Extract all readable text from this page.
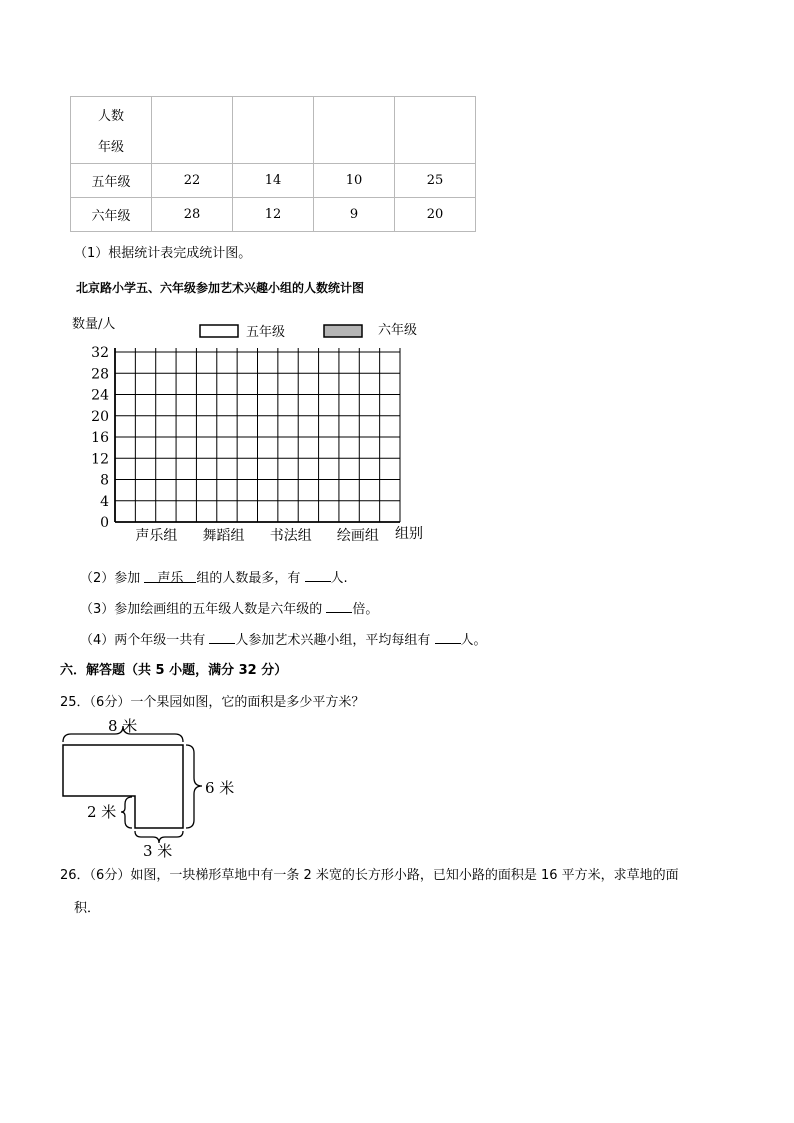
人数
年级				

五年级	22	14	10	25
六年级	28	12	9	20
（1）根据统计表完成统计图。
北京路小学五、六年级参加艺术兴趣小组的人数统计图
数量/人
五年级	六年级
0
4
8
12
16
20
24
28
32
声乐组 舞蹈组 书法组 绘画组 组别
（2）参加 声乐 组的人数最多，有 人.
（3）参加绘画组的五年级人数是六年级的 倍。
（4）两个年级一共有 人参加艺术兴趣小组，平均每组有 人。
六．解答题（共 5 小题，满分 32 分）
25．（6分）一个果园如图，它的面积是多少平方米？
8 米
6 米
2 米
3 米
26．（6分）如图，一块梯形草地中有一条 2 米宽的长方形小路，已知小路的面积是 16 平方米，求草地的面
积．
